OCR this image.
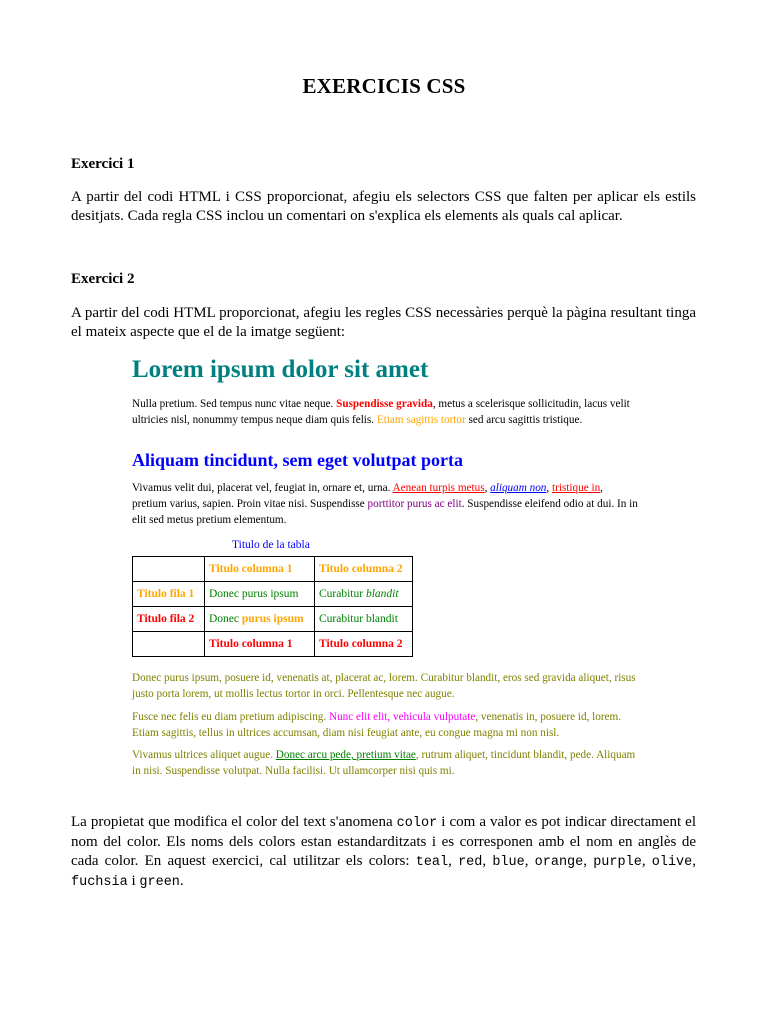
EXERCICIS CSS
Exercici 1

A partir del codi HTML i CSS proporcionat, afegiu els selectors CSS que falten per aplicar els estils desitjats. Cada regla CSS inclou un comentari on s'explica els elements als quals cal aplicar.

Exercici 2

A partir del codi HTML proporcionat, afegiu les regles CSS necessàries perquè la pàgina resultant tinga el mateix aspecte que el de la imatge següent:

Lorem ipsum dolor sit amet

Nulla pretium. Sed tempus nunc vitae neque. Suspendisse gravida, metus a scelerisque sollicitudin, lacus velit ultricies nisl, nonummy tempus neque diam quis felis. Etiam sagittis tortor sed arcu sagittis tristique.

Aliquam tincidunt, sem eget volutpat porta

Vivamus velit dui, placerat vel, feugiat in, ornare et, urna. Aenean turpis metus, aliquam non, tristique in, pretium varius, sapien. Proin vitae nisi. Suspendisse porttitor purus ac elit. Suspendisse eleifend odio at dui. In in elit sed metus pretium elementum.

Titulo de la tabla
	Titulo columna 1	Titulo columna 2
Titulo fila 1	Donec purus ipsum	Curabitur blandit
Titulo fila 2	Donec purus ipsum	Curabitur blandit
	Titulo columna 1	Titulo columna 2

Donec purus ipsum, posuere id, venenatis at, placerat ac, lorem. Curabitur blandit, eros sed gravida aliquet, risus justo porta lorem, ut mollis lectus tortor in orci. Pellentesque nec augue.

Fusce nec felis eu diam pretium adipiscing. Nunc elit elit, vehicula vulputate, venenatis in, posuere id, lorem. Etiam sagittis, tellus in ultrices accumsan, diam nisi feugiat ante, eu congue magna mi non nisl.

Vivamus ultrices aliquet augue. Donec arcu pede, pretium vitae, rutrum aliquet, tincidunt blandit, pede. Aliquam in nisi. Suspendisse volutpat. Nulla facilisi. Ut ullamcorper nisi quis mi.

La propietat que modifica el color del text s'anomena color i com a valor es pot indicar directament el nom del color. Els noms dels colors estan estandarditzats i es corresponen amb el nom en anglès de cada color. En aquest exercici, cal utilitzar els colors: teal, red, blue, orange, purple, olive, fuchsia i green.
